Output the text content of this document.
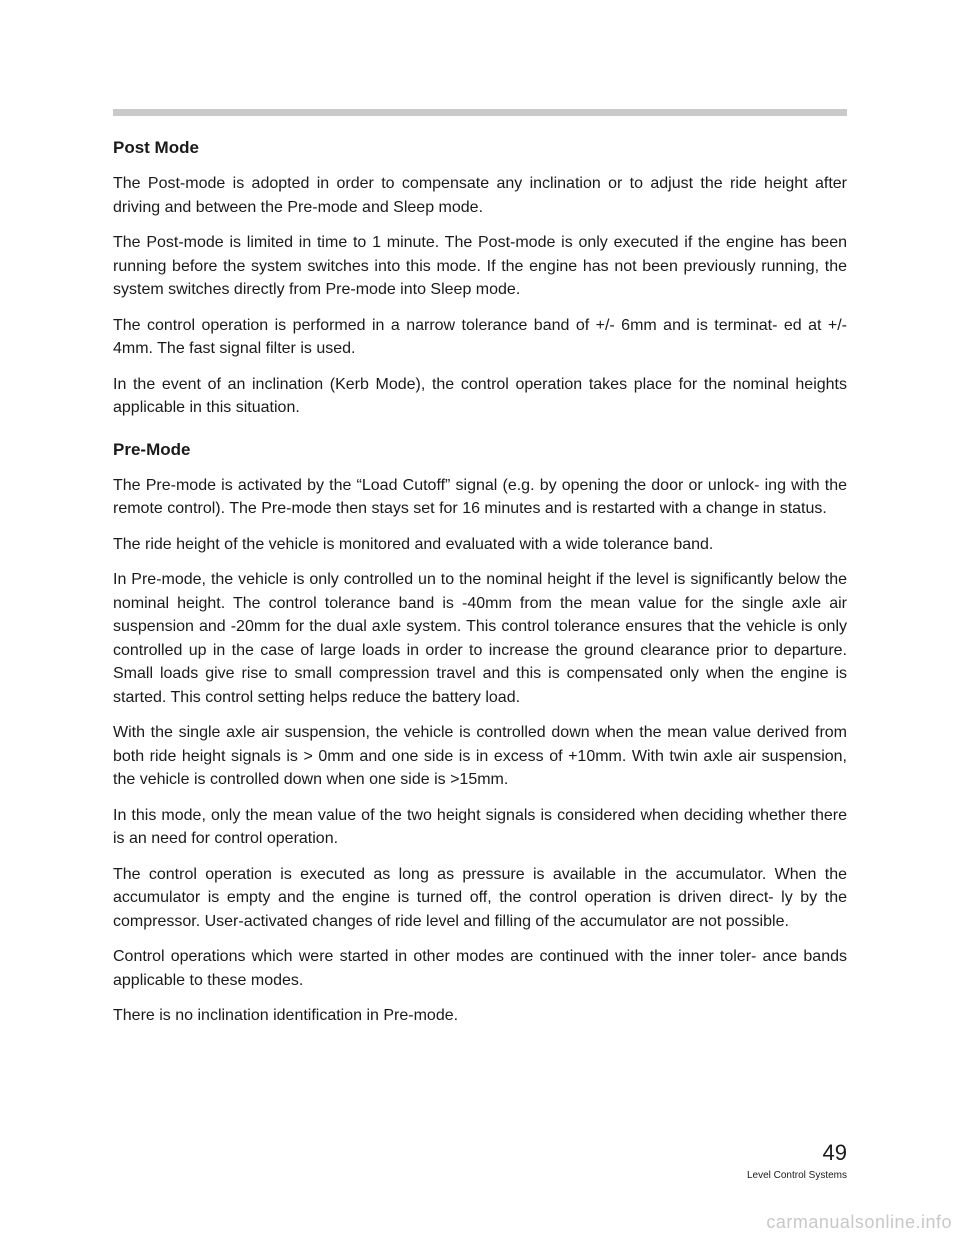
Post Mode

The Post-mode is adopted in order to compensate any inclination or to adjust the ride height after driving and between the Pre-mode and Sleep mode.

The Post-mode is limited in time to 1 minute. The Post-mode is only executed if the engine has been running before the system switches into this mode. If the engine has not been previously running, the system switches directly from Pre-mode into Sleep mode.

The control operation is performed in a narrow tolerance band of +/- 6mm and is terminat- ed at +/- 4mm. The fast signal filter is used.

In the event of an inclination (Kerb Mode), the control operation takes place for the nominal heights applicable in this situation.

Pre-Mode

The Pre-mode is activated by the “Load Cutoff” signal (e.g. by opening the door or unlock- ing with the remote control). The Pre-mode then stays set for 16 minutes and is restarted with a change in status.

The ride height of the vehicle is monitored and evaluated with a wide tolerance band.

In Pre-mode, the vehicle is only controlled un to the nominal height if the level is significantly below the nominal height. The control tolerance band is -40mm from the mean value for the single axle air suspension and -20mm for the dual axle system. This control tolerance ensures that the vehicle is only controlled up in the case of large loads in order to increase the ground clearance prior to departure. Small loads give rise to small compression travel and this is compensated only when the engine is started. This control setting helps reduce the battery load.

With the single axle air suspension, the vehicle is controlled down when the mean value derived from both ride height signals is > 0mm and one side is in excess of +10mm. With twin axle air suspension, the vehicle is controlled down when one side is >15mm.

In this mode, only the mean value of the two height signals is considered when deciding whether there is an need for control operation.

The control operation is executed as long as pressure is available in the accumulator. When the accumulator is empty and the engine is turned off, the control operation is driven direct- ly by the compressor. User-activated changes of ride level and filling of the accumulator are not possible.

Control operations which were started in other modes are continued with the inner toler- ance bands applicable to these modes.

There is no inclination identification in Pre-mode.

49
Level Control Systems
carmanualsonline.info
